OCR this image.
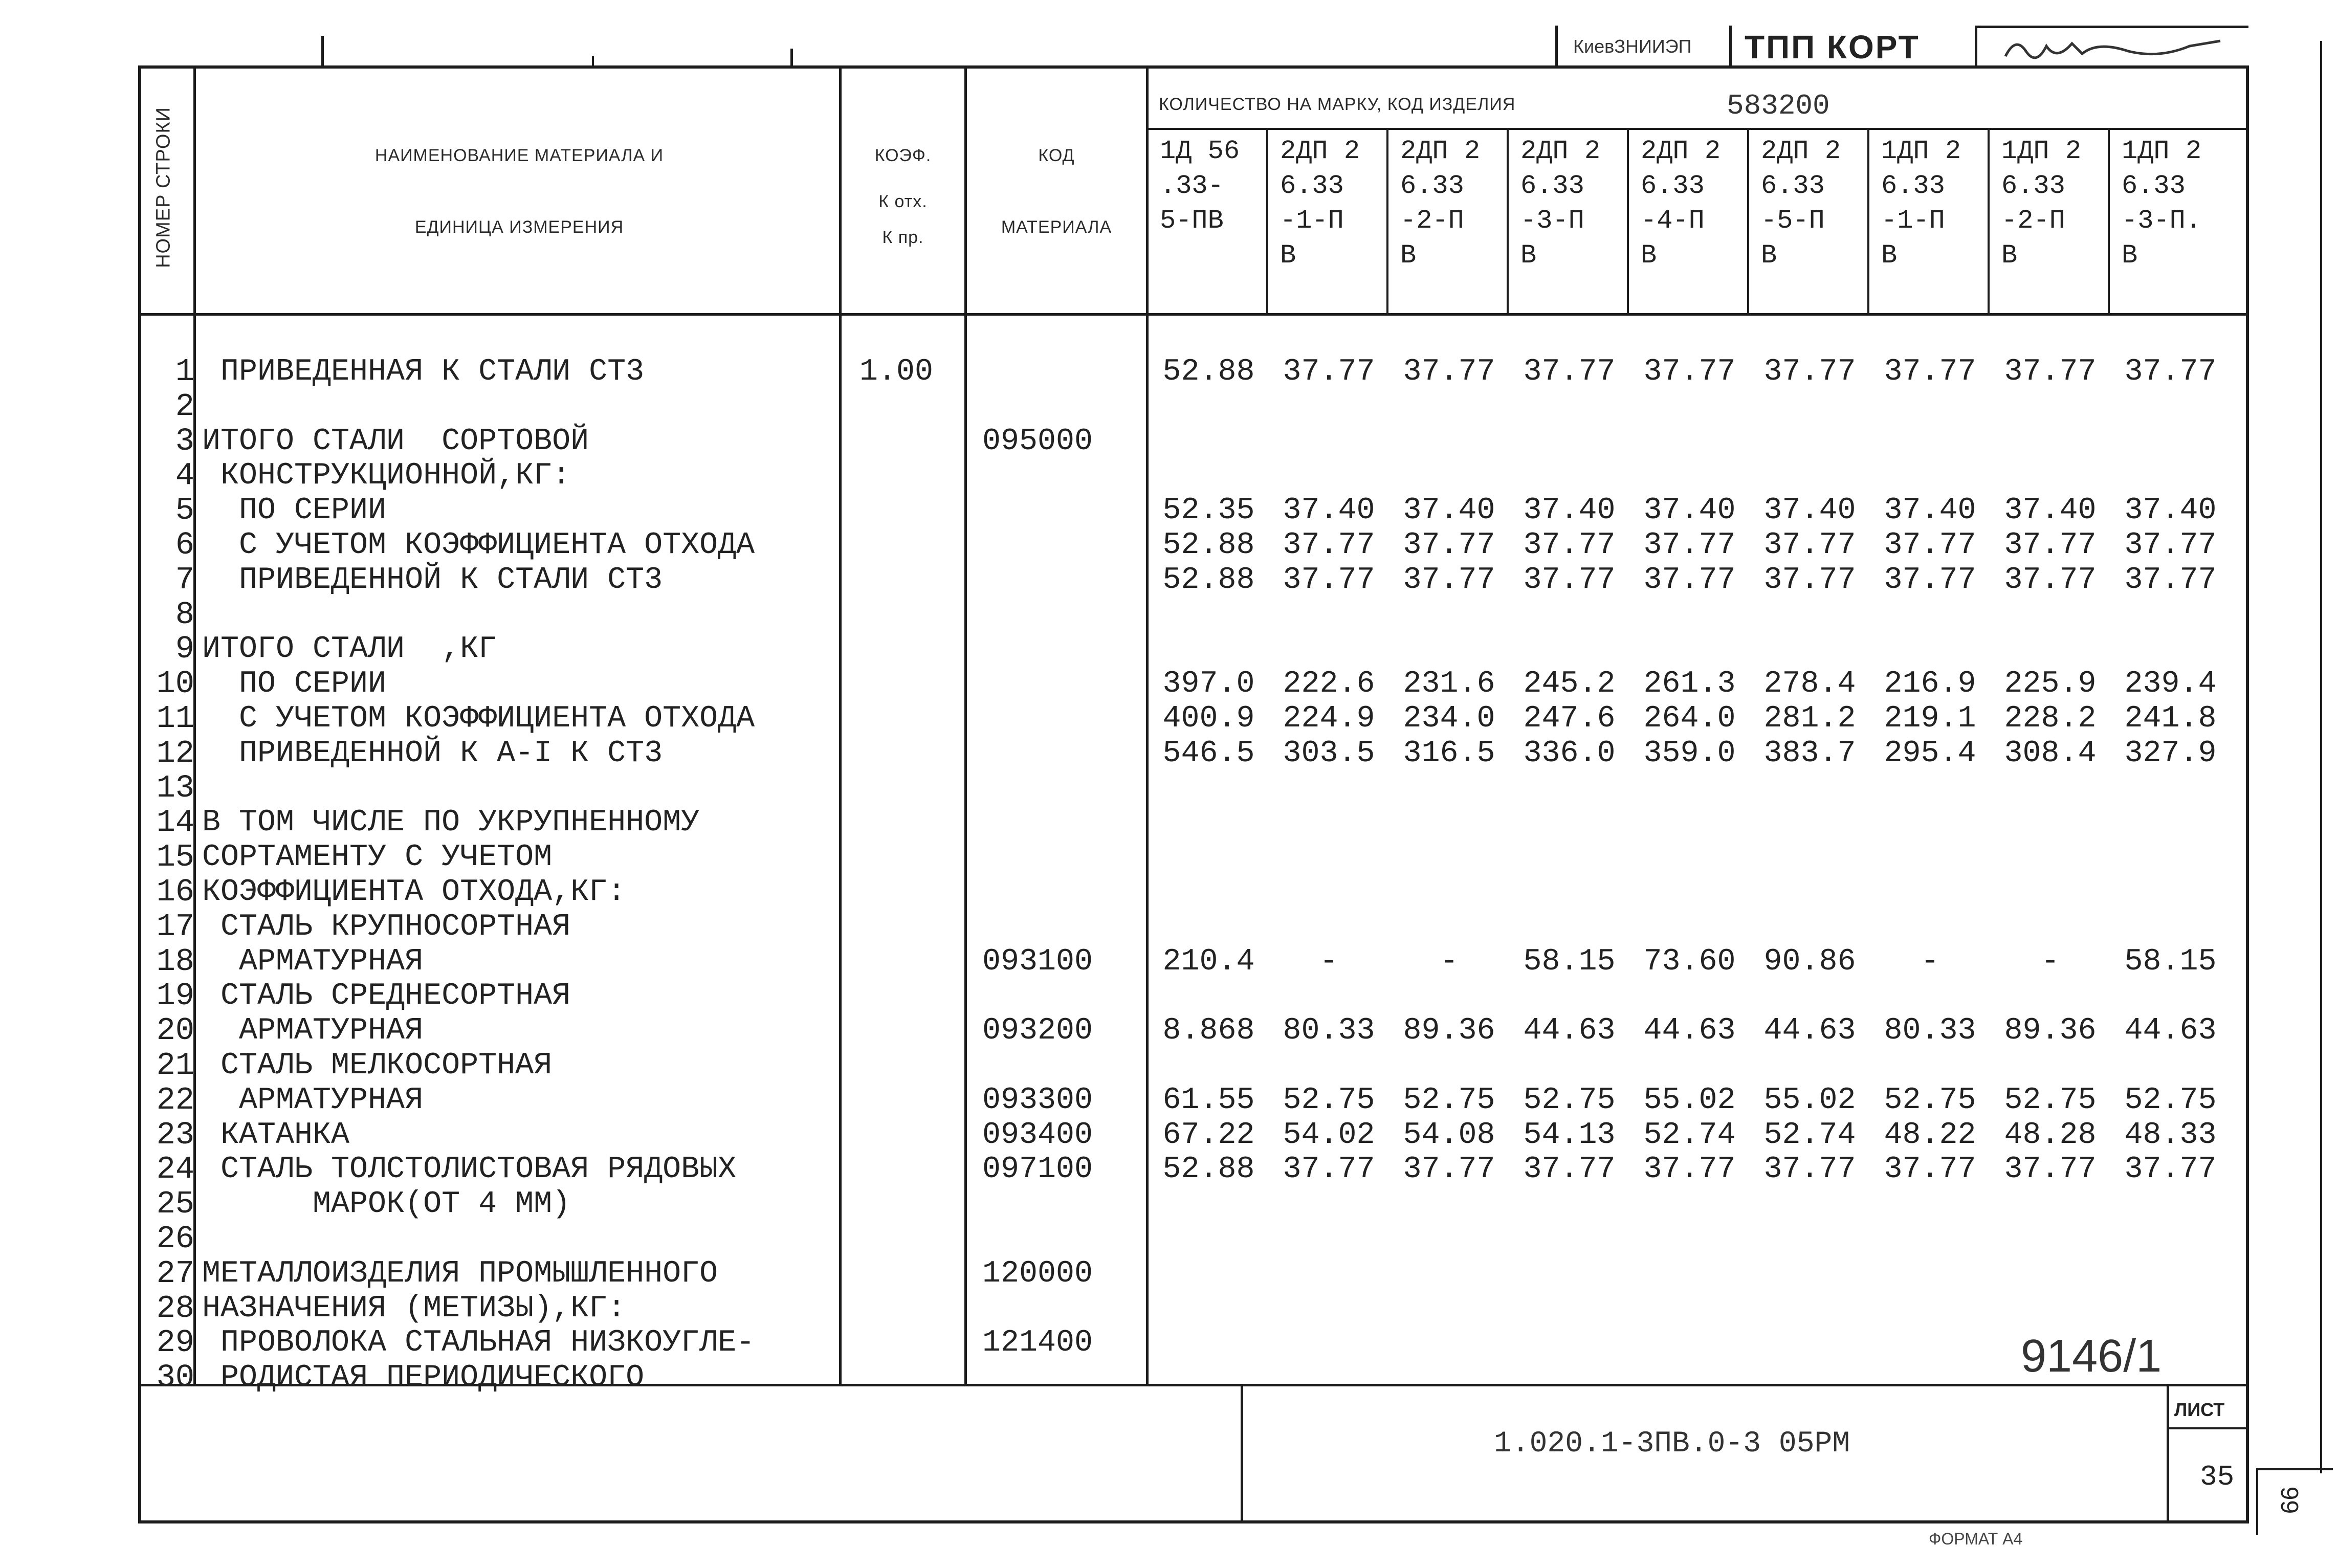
КиевЗНИИЭП ТПП КОРТ
НОМЕР СТРОКИ	НАИМЕНОВАНИЕ МАТЕРИАЛА И
ЕДИНИЦА ИЗМЕРЕНИЯ
КОЭФ.
К отх.
К пр.
КОД
МАТЕРИАЛА
КОЛИЧЕСТВО НА МАРКУ, КОД ИЗДЕЛИЯ	583200
1Д 56
.33-
5-ПВ
2ДП 2
6.33
-1-П
В
2ДП 2
6.33
-2-П
В
2ДП 2
6.33
-3-П
В
2ДП 2
6.33
-4-П
В
2ДП 2
6.33
-5-П
В
1ДП 2
6.33
-1-П
В
1ДП 2
6.33
-2-П
В
1ДП 2
6.33
-3-П.
В
1 ПРИВЕДЕННАЯ К СТАЛИ СТ3	1.00	52.88 37.77 37.77 37.77 37.77 37.77 37.77 37.77 37.77
2
3 ИТОГО СТАЛИ  СОРТОВОЙ	095000
4 КОНСТРУКЦИОННОЙ,КГ:
5 ПО СЕРИИ	52.35 37.40 37.40 37.40 37.40 37.40 37.40 37.40 37.40
6 С УЧЕТОМ КОЭФФИЦИЕНТА ОТХОДА	52.88 37.77 37.77 37.77 37.77 37.77 37.77 37.77 37.77
7 ПРИВЕДЕННОЙ К СТАЛИ СТ3	52.88 37.77 37.77 37.77 37.77 37.77 37.77 37.77 37.77
8
9 ИТОГО СТАЛИ  ,КГ
10 ПО СЕРИИ	397.0 222.6 231.6 245.2 261.3 278.4 216.9 225.9 239.4
11 С УЧЕТОМ КОЭФФИЦИЕНТА ОТХОДА	400.9 224.9 234.0 247.6 264.0 281.2 219.1 228.2 241.8
12 ПРИВЕДЕННОЙ К А-I К СТ3	546.5 303.5 316.5 336.0 359.0 383.7 295.4 308.4 327.9
13
14 В ТОМ ЧИСЛЕ ПО УКРУПНЕННОМУ
15 СОРТАМЕНТУ С УЧЕТОМ
16 КОЭФФИЦИЕНТА ОТХОДА,КГ:
17 СТАЛЬ КРУПНОСОРТНАЯ
18 АРМАТУРНАЯ	093100	210.4	-	-	58.15 73.60 90.86	-	-	58.15
19 СТАЛЬ СРЕДНЕСОРТНАЯ
20 АРМАТУРНАЯ	093200	8.868 80.33 89.36 44.63 44.63 44.63 80.33 89.36 44.63
21 СТАЛЬ МЕЛКОСОРТНАЯ
22 АРМАТУРНАЯ	093300	61.55 52.75 52.75 52.75 55.02 55.02 52.75 52.75 52.75
23 КАТАНКА	093400	67.22 54.02 54.08 54.13 52.74 52.74 48.22 48.28 48.33
24 СТАЛЬ ТОЛСТОЛИСТОВАЯ РЯДОВЫХ	097100	52.88 37.77 37.77 37.77 37.77 37.77 37.77 37.77 37.77
25 МАРОК(ОТ 4 ММ)
26
27 МЕТАЛЛОИЗДЕЛИЯ ПРОМЫШЛЕННОГО	120000
28 НАЗНАЧЕНИЯ (МЕТИЗЫ),КГ:
29 ПРОВОЛОКА СТАЛЬНАЯ НИЗКОУГЛЕ-	121400
30 РОДИСТАЯ ПЕРИОДИЧЕСКОГО	9146/1
1.020.1-3ПВ.0-3 05РМ
ЛИСТ
35
ФОРМАТ А4
66
